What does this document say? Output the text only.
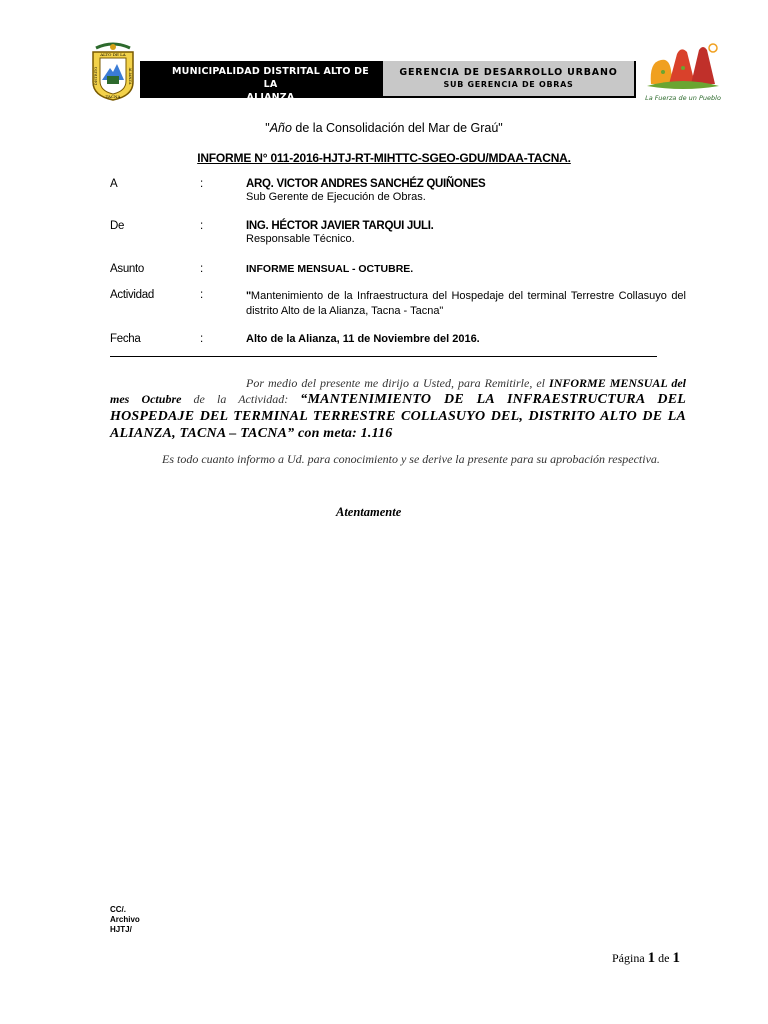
ALTO DE LA
DISTRITO	ALIANZA
TACNA
MUNICIPALIDAD DISTRITAL ALTO DE LA
ALIANZA
GERENCIA DE DESARROLLO URBANO
SUB GERENCIA DE OBRAS
La Fuerza de un Pueblo
"Año de la Consolidación del Mar de Graú"
INFORME N° 011-2016-HJTJ-RT-MIHTTC-SGEO-GDU/MDAA-TACNA.
A	:	ARQ. VICTOR ANDRES SANCHÉZ QUIÑONES
Sub Gerente de Ejecución de Obras.
De	:	ING. HÉCTOR JAVIER TARQUI JULI.
Responsable Técnico.
Asunto	:	INFORME MENSUAL - OCTUBRE.
Actividad	:	"Mantenimiento de la Infraestructura del Hospedaje del terminal Terrestre Collasuyo del distrito Alto de la Alianza, Tacna - Tacna"
Fecha	:	Alto de la Alianza, 11 de Noviembre del 2016.
Por medio del presente me dirijo a Usted, para Remitirle, el INFORME MENSUAL del mes Octubre de la Actividad: “MANTENIMIENTO DE LA INFRAESTRUCTURA DEL HOSPEDAJE DEL TERMINAL TERRESTRE COLLASUYO DEL, DISTRITO ALTO DE LA ALIANZA, TACNA – TACNA” con meta: 1.116
Es todo cuanto informo a Ud. para conocimiento y se derive la presente para su aprobación respectiva.
Atentamente
CC/.
Archivo
HJTJ/
Página 1 de 1
